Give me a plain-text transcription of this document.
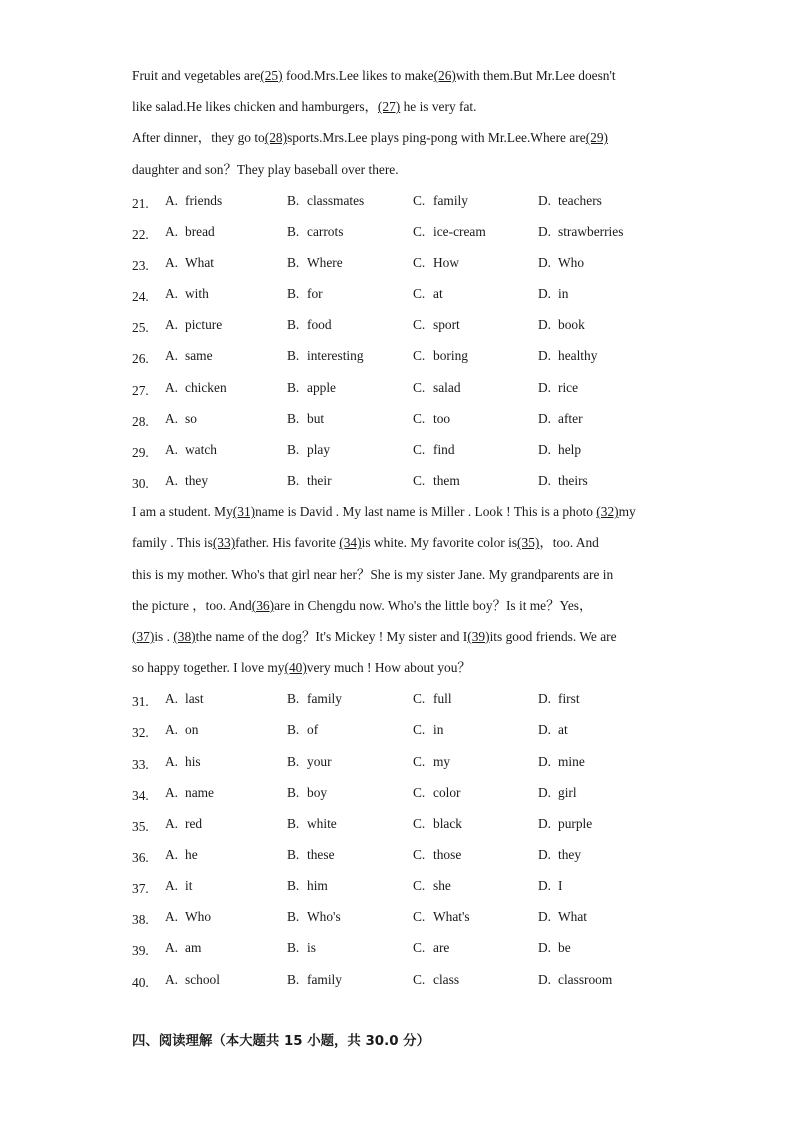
Fruit and vegetables are(25) food.Mrs.Lee likes to make(26)with them.But Mr.Lee doesn't
like salad.He likes chicken and hamburgers，(27) he is very fat.
After dinner，they go to(28)sports.Mrs.Lee plays ping-pong with Mr.Lee.Where are(29)
daughter and son？They play baseball over there.
21. A. friends	B. classmates	C. family	D. teachers
22. A. bread	B. carrots	C. ice-cream	D. strawberries
23. A. What	B. Where	C. How	D. Who
24. A. with	B. for	C. at	D. in
25. A. picture	B. food	C. sport	D. book
26. A. same	B. interesting	C. boring	D. healthy
27. A. chicken	B. apple	C. salad	D. rice
28. A. so	B. but	C. too	D. after
29. A. watch	B. play	C. find	D. help
30. A. they	B. their	C. them	D. theirs
I am a student. My(31)name is David . My last name is Miller . Look ! This is a photo (32)my
family . This is(33)father. His favorite (34)is white. My favorite color is(35)，too. And
this is my mother. Who's that girl near her？She is my sister Jane. My grandparents are in
the picture ，too. And(36)are in Chengdu now. Who's the little boy？Is it me？Yes，
(37)is . (38)the name of the dog？It's Mickey ! My sister and I(39)its good friends. We are
so happy together. I love my(40)very much ! How about you？
31. A. last	B. family	C. full	D. first
32. A. on	B. of	C. in	D. at
33. A. his	B. your	C. my	D. mine
34. A. name	B. boy	C. color	D. girl
35. A. red	B. white	C. black	D. purple
36. A. he	B. these	C. those	D. they
37. A. it	B. him	C. she	D. I
38. A. Who	B. Who's	C. What's	D. What
39. A. am	B. is	C. are	D. be
40. A. school	B. family	C. class	D. classroom
四、阅读理解（本大题共 15 小题，共 30.0 分）
